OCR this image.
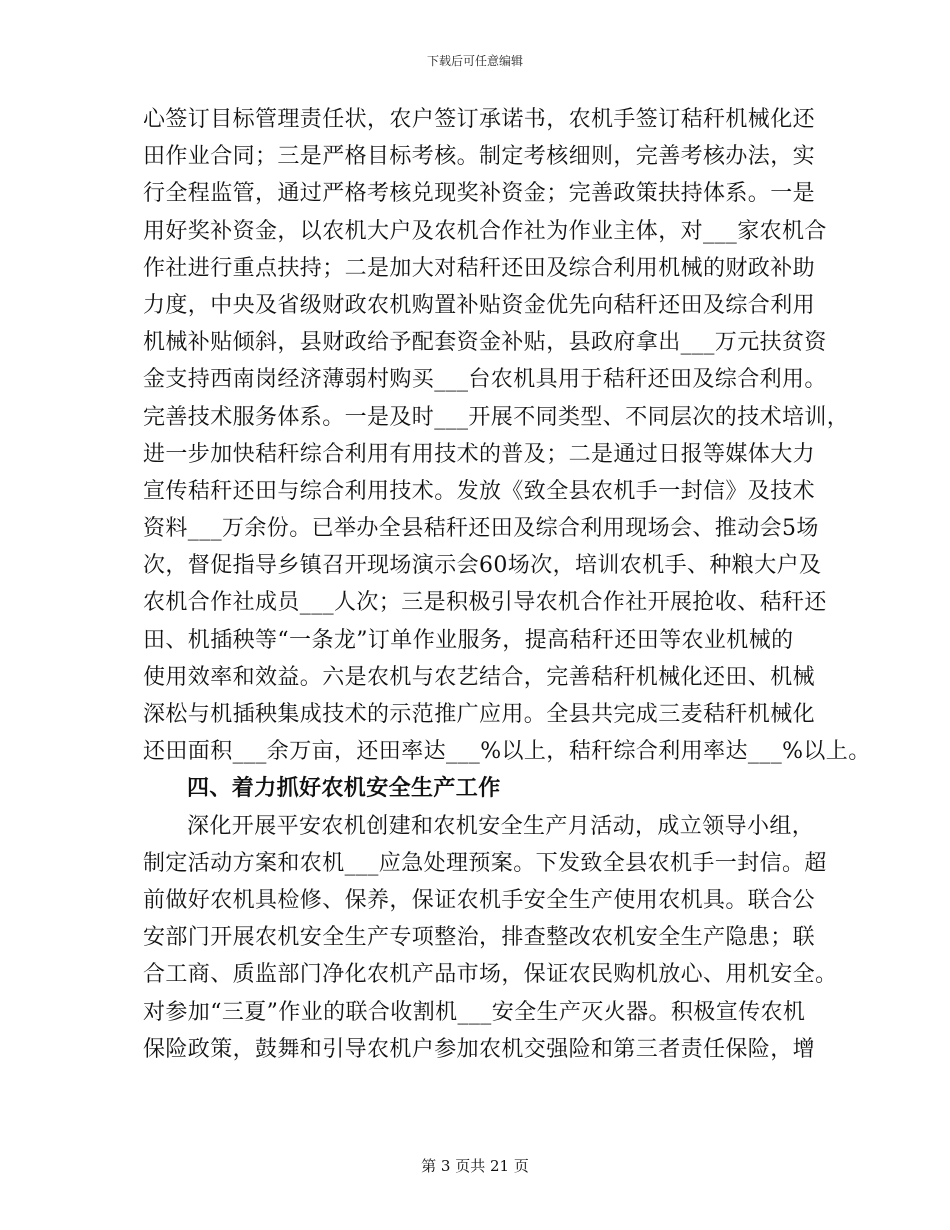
下载后可任意编辑
心签订目标管理责任状，农户签订承诺书，农机手签订秸秆机械化还
田作业合同；三是严格目标考核。制定考核细则，完善考核办法，实
行全程监管，通过严格考核兑现奖补资金；完善政策扶持体系。一是
用好奖补资金，以农机大户及农机合作社为作业主体，对___家农机合
作社进行重点扶持；二是加大对秸秆还田及综合利用机械的财政补助
力度，中央及省级财政农机购置补贴资金优先向秸秆还田及综合利用
机械补贴倾斜，县财政给予配套资金补贴，县政府拿出___万元扶贫资
金支持西南岗经济薄弱村购买___台农机具用于秸秆还田及综合利用。
完善技术服务体系。一是及时___开展不同类型、不同层次的技术培训，
进一步加快秸秆综合利用有用技术的普及；二是通过日报等媒体大力
宣传秸秆还田与综合利用技术。发放《致全县农机手一封信》及技术
资料___万余份。已举办全县秸秆还田及综合利用现场会、推动会5场
次，督促指导乡镇召开现场演示会60场次，培训农机手、种粮大户及
农机合作社成员___人次；三是积极引导农机合作社开展抢收、秸秆还
田、机插秧等“一条龙”订单作业服务，提高秸秆还田等农业机械的
使用效率和效益。六是农机与农艺结合，完善秸秆机械化还田、机械
深松与机插秧集成技术的示范推广应用。全县共完成三麦秸秆机械化
还田面积___余万亩，还田率达___%以上，秸秆综合利用率达___%以上。
四、着力抓好农机安全生产工作
深化开展平安农机创建和农机安全生产月活动，成立领导小组，
制定活动方案和农机___应急处理预案。下发致全县农机手一封信。超
前做好农机具检修、保养，保证农机手安全生产使用农机具。联合公
安部门开展农机安全生产专项整治，排查整改农机安全生产隐患；联
合工商、质监部门净化农机产品市场，保证农民购机放心、用机安全。
对参加“三夏”作业的联合收割机___安全生产灭火器。积极宣传农机
保险政策，鼓舞和引导农机户参加农机交强险和第三者责任保险，增
第 3 页共 21 页
